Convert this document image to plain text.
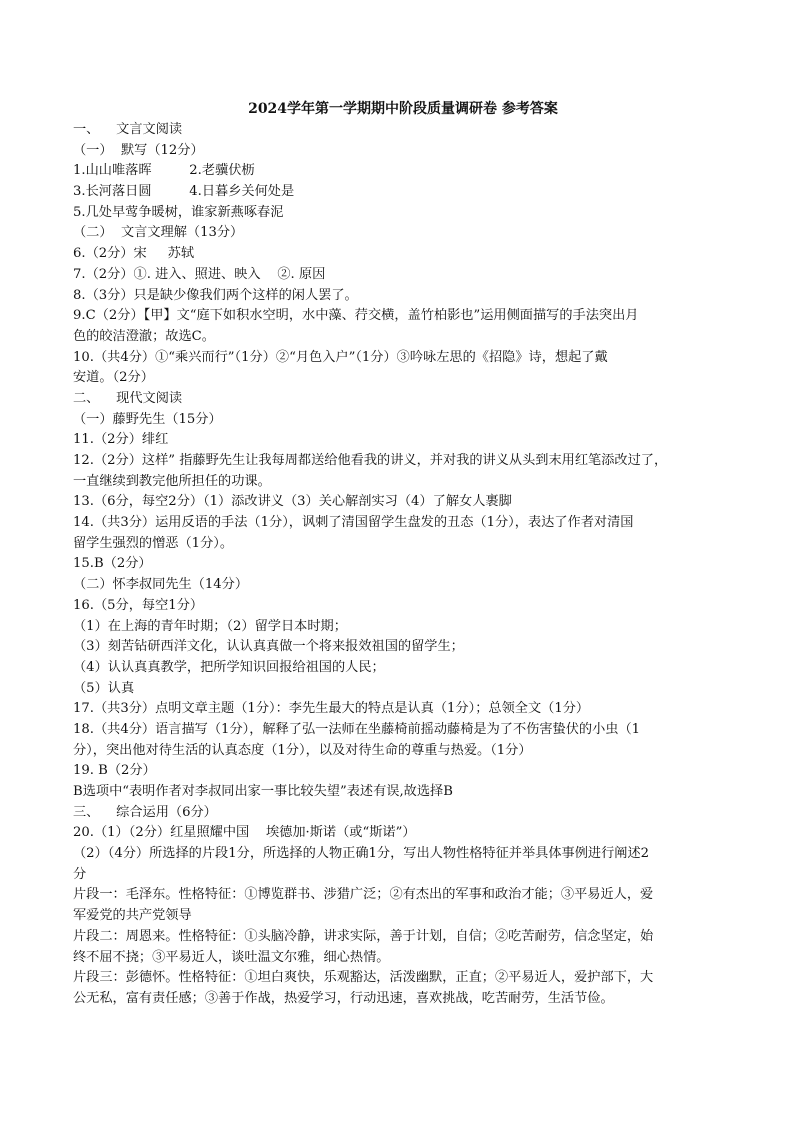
2024学年第一学期期中阶段质量调研卷 参考答案
一、    文言文阅读
（一）  默写（12分）
1.山山唯落晖         2.老骥伏枥
3.长河落日圆         4.日暮乡关何处是
5.几处早莺争暖树，谁家新燕啄春泥
（二）  文言文理解（13分）
6.（2分）宋     苏轼
7.（2分）①. 进入、照进、映入    ②. 原因
8.（3分）只是缺少像我们两个这样的闲人罢了。
9.C（2分）【甲】文“庭下如积水空明，水中藻、荇交横，盖竹柏影也”运用侧面描写的手法突出月
色的皎洁澄澈；故选C。
10.（共4分）①“乘兴而行”（1分）②“月色入户”（1分）③吟咏左思的《招隐》诗，想起了戴
安道。（2分）
二、    现代文阅读
（一）藤野先生（15分）
11.（2分）绯红
12.（2分）这样” 指藤野先生让我每周都送给他看我的讲义，并对我的讲义从头到末用红笔添改过了，
一直继续到教完他所担任的功课。
13.（6分，每空2分）（1）添改讲义（3）关心解剖实习（4）了解女人裹脚
14.（共3分）运用反语的手法（1分），讽刺了清国留学生盘发的丑态（1分），表达了作者对清国
留学生强烈的憎恶（1分）。
15.B（2分）
（二）怀李叔同先生（14分）
16.（5分，每空1分）
（1）在上海的青年时期；（2）留学日本时期；
（3）刻苦钻研西洋文化，认认真真做一个将来报效祖国的留学生；
（4）认认真真教学，把所学知识回报给祖国的人民；
（5）认真
17.（共3分）点明文章主题（1分）：李先生最大的特点是认真（1分）；总领全文（1分）
18.（共4分）语言描写（1分），解释了弘一法师在坐藤椅前摇动藤椅是为了不伤害蛰伏的小虫（1
分），突出他对待生活的认真态度（1分），以及对待生命的尊重与热爱。（1分）
19. B（2分）
B选项中“表明作者对李叔同出家一事比较失望”表述有误,故选择B
三、    综合运用（6分）
20.（1）（2分）红星照耀中国    埃德加·斯诺（或“斯诺”）
（2）（4分）所选择的片段1分，所选择的人物正确1分，写出人物性格特征并举具体事例进行阐述2
分
片段一：毛泽东。性格特征：①博览群书、涉猎广泛；②有杰出的军事和政治才能；③平易近人，爱
军爱党的共产党领导
片段二：周恩来。性格特征：①头脑冷静，讲求实际，善于计划，自信；②吃苦耐劳，信念坚定，始
终不屈不挠；③平易近人，谈吐温文尔雅，细心热情。
片段三：彭德怀。性格特征：①坦白爽快，乐观豁达，活泼幽默，正直；②平易近人，爱护部下，大
公无私，富有责任感；③善于作战，热爱学习，行动迅速，喜欢挑战，吃苦耐劳，生活节俭。
